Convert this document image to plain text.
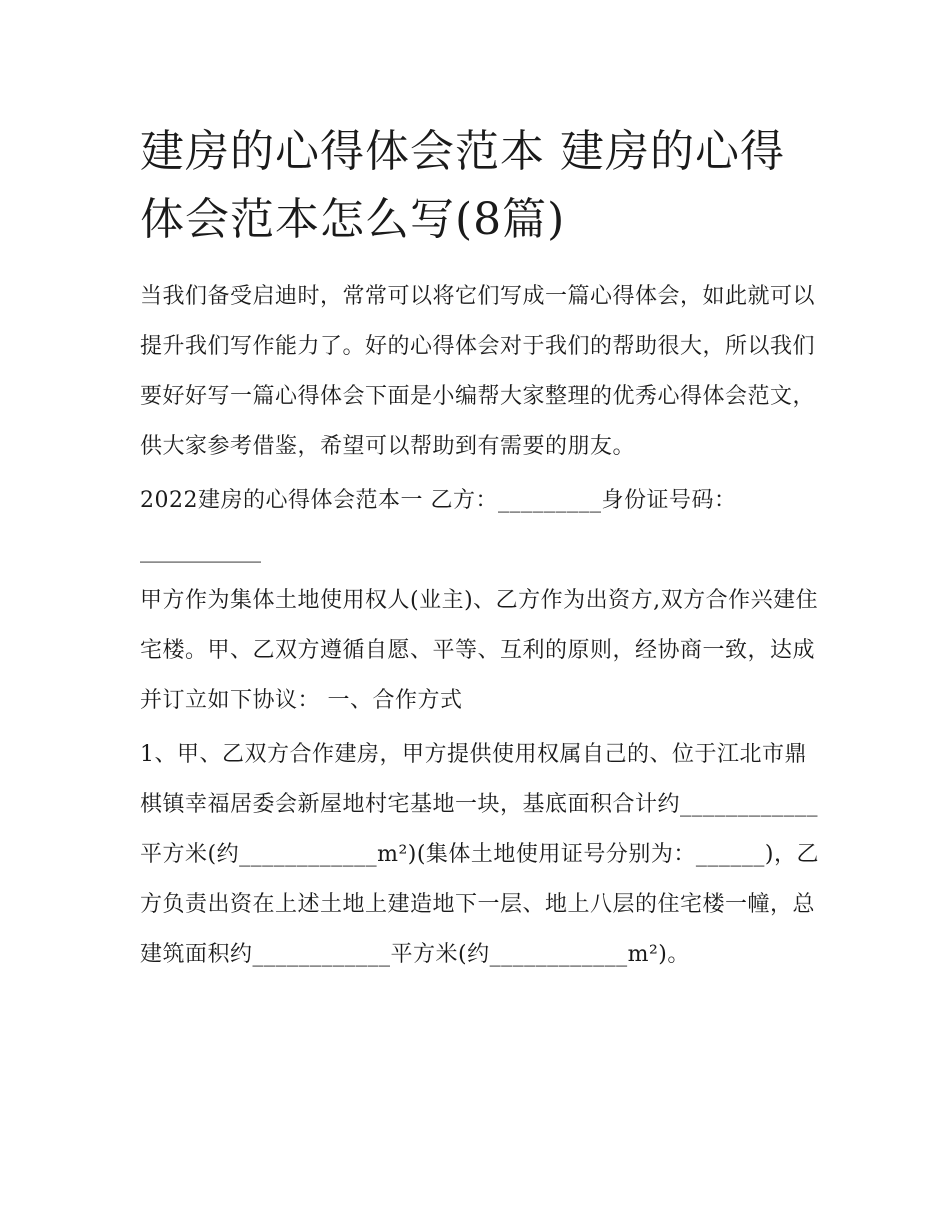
建房的心得体会范本 建房的心得体会范本怎么写(8篇)

当我们备受启迪时，常常可以将它们写成一篇心得体会，如此就可以提升我们写作能力了。好的心得体会对于我们的帮助很大，所以我们要好好写一篇心得体会下面是小编帮大家整理的优秀心得体会范文，供大家参考借鉴，希望可以帮助到有需要的朋友。

2022建房的心得体会范本一 乙方：_________身份证号码：

___________

甲方作为集体土地使用权人(业主)、乙方作为出资方,双方合作兴建住宅楼。甲、乙双方遵循自愿、平等、互利的原则，经协商一致，达成并订立如下协议： 一、合作方式

1、甲、乙双方合作建房，甲方提供使用权属自己的、位于江北市鼎棋镇幸福居委会新屋地村宅基地一块，基底面积合计约____________平方米(约____________m²)(集体土地使用证号分别为：______)，乙方负责出资在上述土地上建造地下一层、地上八层的住宅楼一幢，总建筑面积约____________平方米(约____________m²)。
